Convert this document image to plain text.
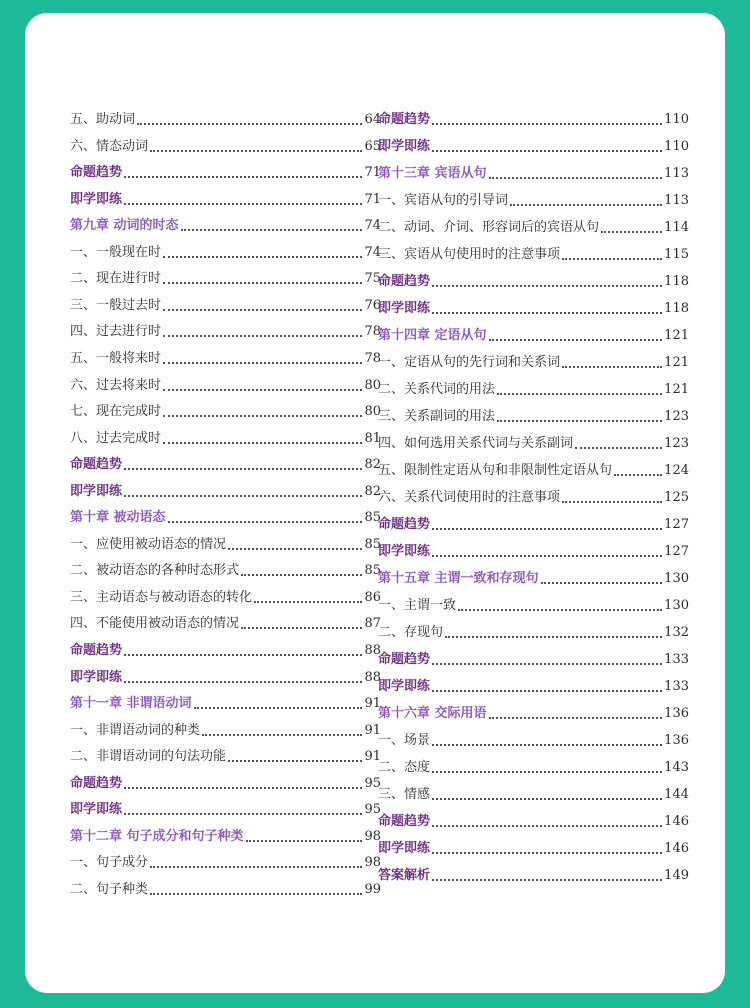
五、助动词	64
六、情态动词	65
命题趋势	71
即学即练	71
第九章 动词的时态	74
一、一般现在时	74
二、现在进行时	75
三、一般过去时	76
四、过去进行时	78
五、一般将来时	78
六、过去将来时	80
七、现在完成时	80
八、过去完成时	81
命题趋势	82
即学即练	82
第十章 被动语态	85
一、应使用被动语态的情况	85
二、被动语态的各种时态形式	85
三、主动语态与被动语态的转化	86
四、不能使用被动语态的情况	87
命题趋势	88
即学即练	88
第十一章 非谓语动词	91
一、非谓语动词的种类	91
二、非谓语动词的句法功能	91
命题趋势	95
即学即练	95
第十二章 句子成分和句子种类	98
一、句子成分	98
二、句子种类	99
命题趋势	110
即学即练	110
第十三章 宾语从句	113
一、宾语从句的引导词	113
二、动词、介词、形容词后的宾语从句	114
三、宾语从句使用时的注意事项	115
命题趋势	118
即学即练	118
第十四章 定语从句	121
一、定语从句的先行词和关系词	121
二、关系代词的用法	121
三、关系副词的用法	123
四、如何选用关系代词与关系副词	123
五、限制性定语从句和非限制性定语从句	124
六、关系代词使用时的注意事项	125
命题趋势	127
即学即练	127
第十五章 主谓一致和存现句	130
一、主谓一致	130
二、存现句	132
命题趋势	133
即学即练	133
第十六章 交际用语	136
一、场景	136
二、态度	143
三、情感	144
命题趋势	146
即学即练	146
答案解析	149
